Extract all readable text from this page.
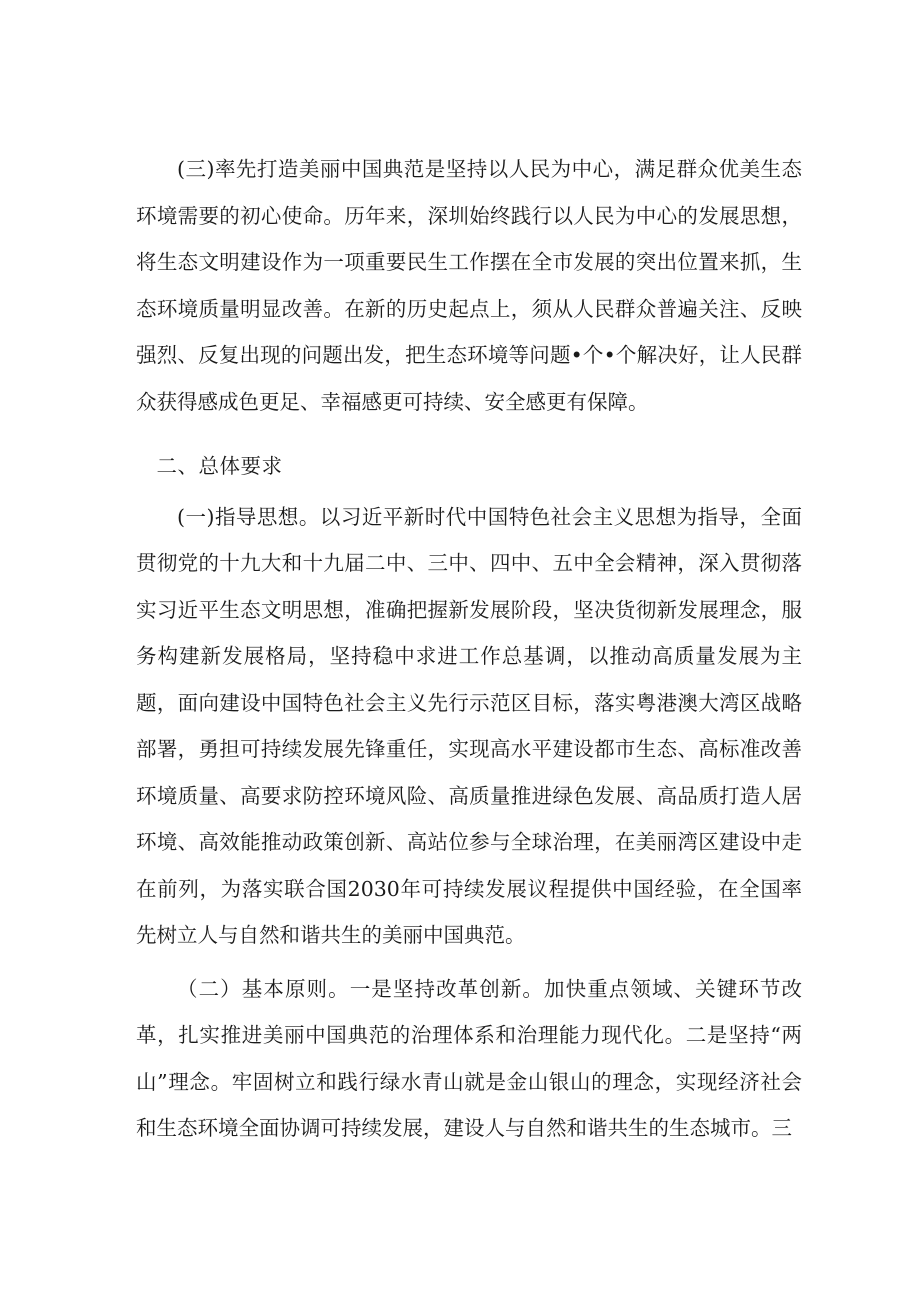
(三)率先打造美丽中国典范是坚持以人民为中心，满足群众优美生态环境需要的初心使命。历年来，深圳始终践行以人民为中心的发展思想，将生态文明建设作为一项重要民生工作摆在全市发展的突出位置来抓，生态环境质量明显改善。在新的历史起点上，须从人民群众普遍关注、反映强烈、反复出现的问题出发，把生态环境等问题•个•个解决好，让人民群众获得感成色更足、幸福感更可持续、安全感更有保障。

二、总体要求

(一)指导思想。以习近平新时代中国特色社会主义思想为指导，全面贯彻党的十九大和十九届二中、三中、四中、五中全会精神，深入贯彻落实习近平生态文明思想，准确把握新发展阶段，坚决货彻新发展理念，服务构建新发展格局，坚持稳中求进工作总基调，以推动高质量发展为主题，面向建设中国特色社会主义先行示范区目标，落实粤港澳大湾区战略部署，勇担可持续发展先锋重任，实现高水平建设都市生态、高标准改善环境质量、高要求防控环境风险、高质量推进绿色发展、高品质打造人居环境、高效能推动政策创新、高站位参与全球治理，在美丽湾区建设中走在前列，为落实联合国2030年可持续发展议程提供中国经验，在全国率先树立人与自然和谐共生的美丽中国典范。

（二）基本原则。一是坚持改革创新。加快重点领域、关键环节改革，扎实推进美丽中国典范的治理体系和治理能力现代化。二是坚持“两山”理念。牢固树立和践行绿水青山就是金山银山的理念，实现经济社会和生态环境全面协调可持续发展，建设人与自然和谐共生的生态城市。三
